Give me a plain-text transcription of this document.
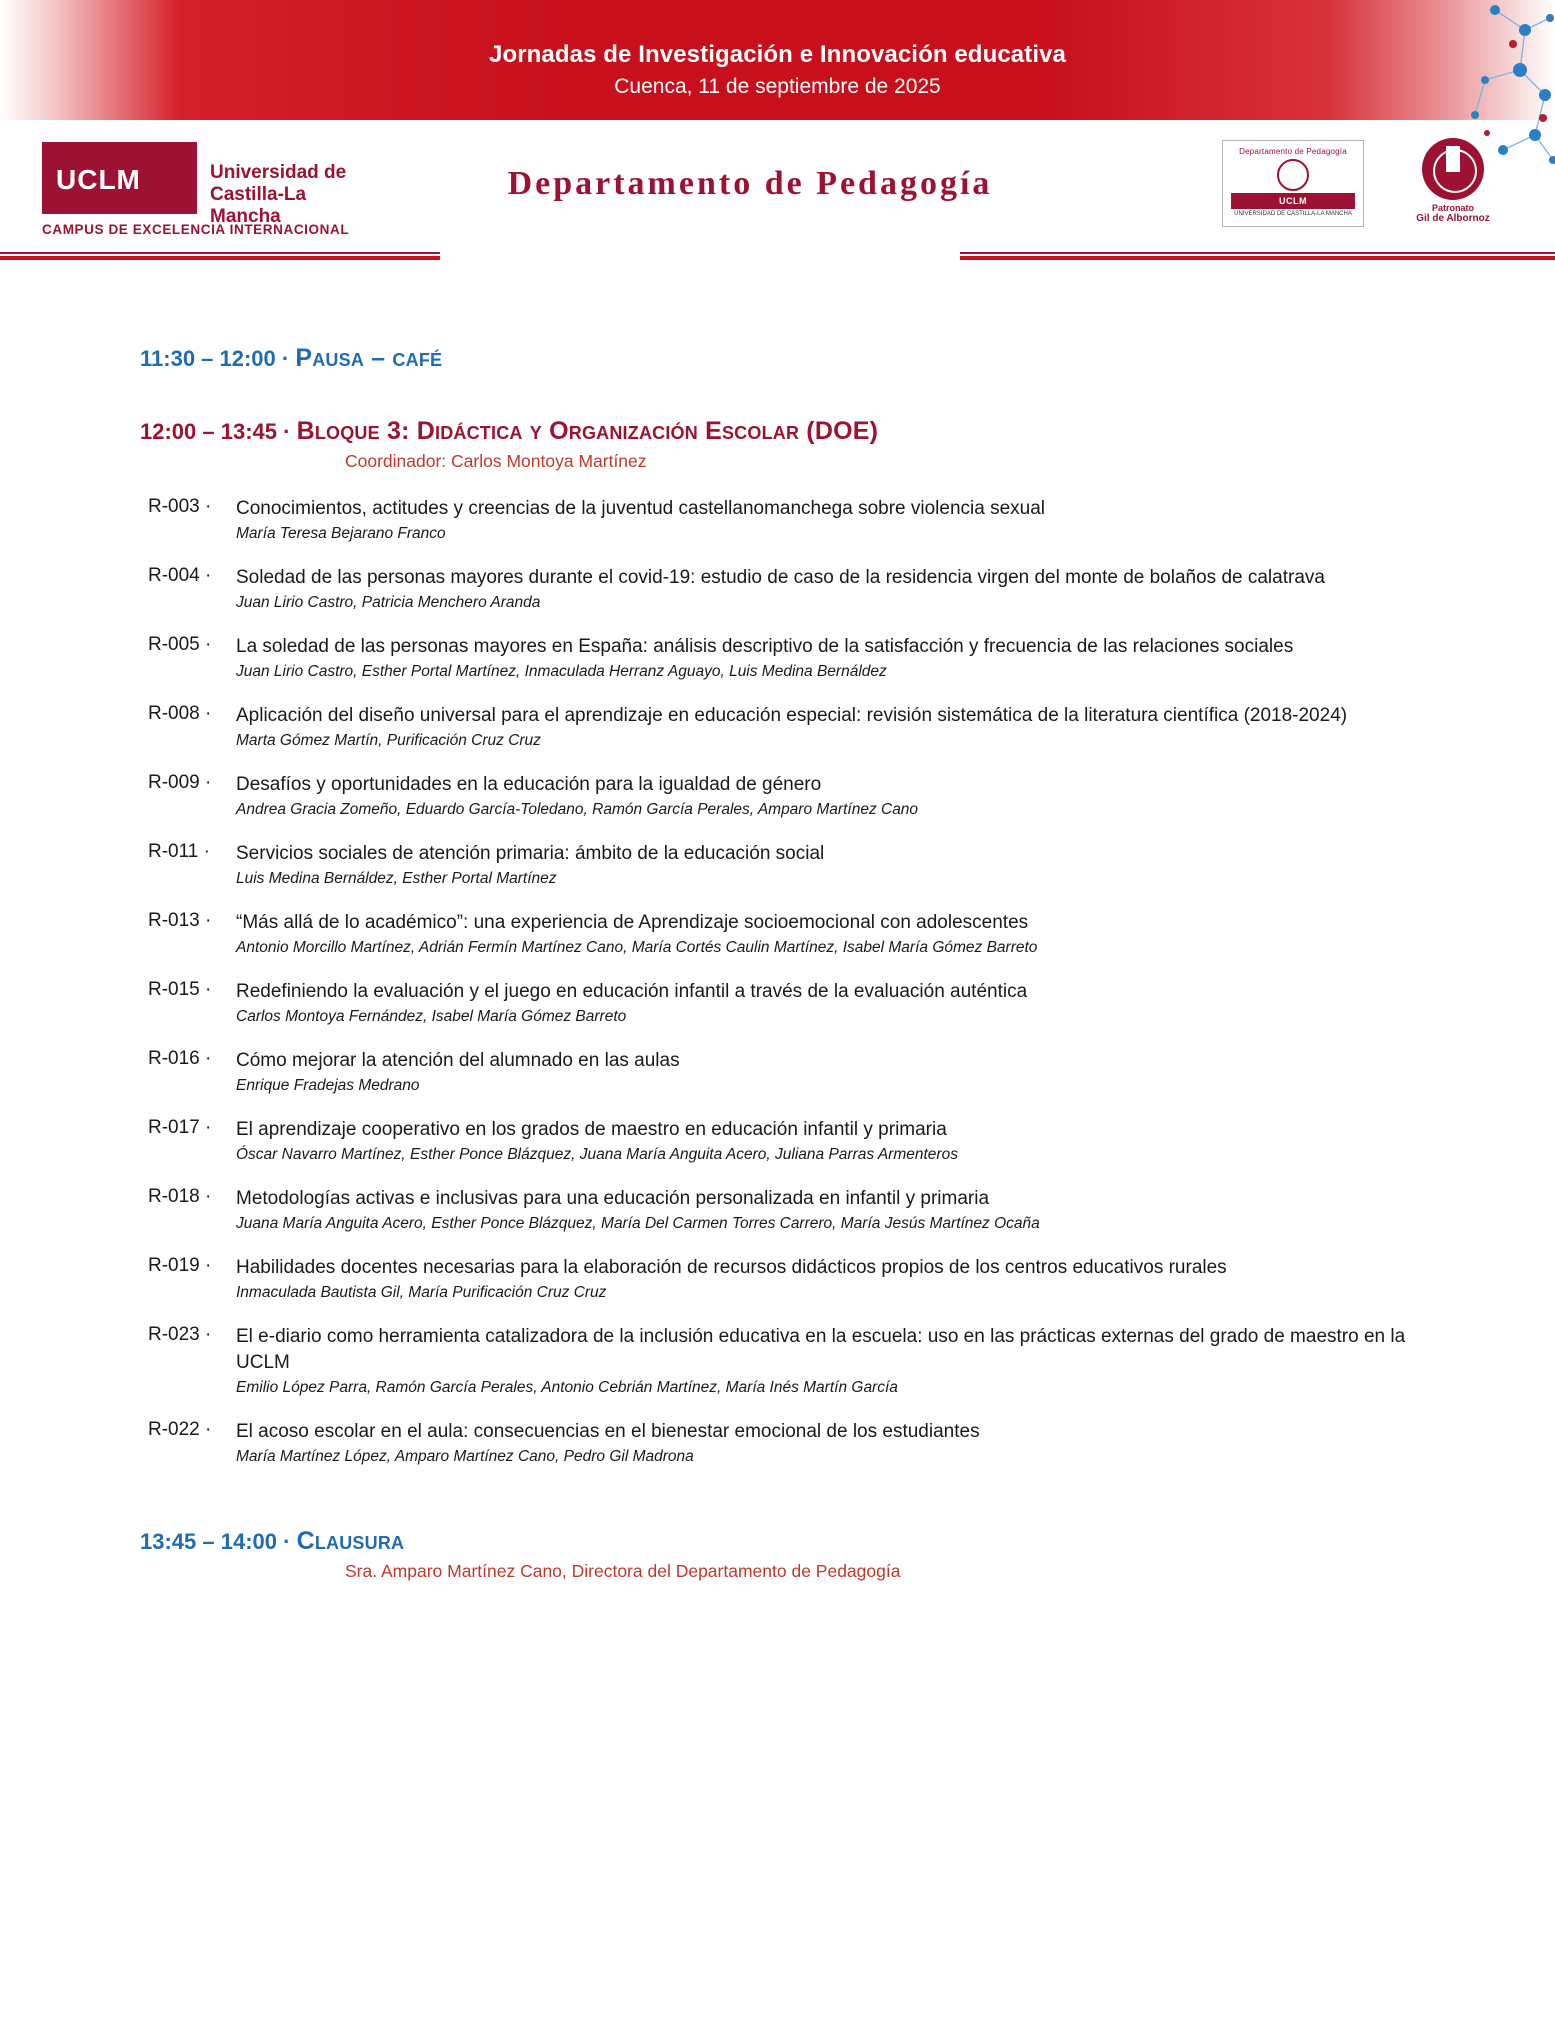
Jornadas de Investigación e Innovación educativa
Cuenca, 11 de septiembre de 2025
UCLM	Universidad de Castilla-La Mancha
CAMPUS DE EXCELENCIA INTERNACIONAL
Departamento de Pedagogía
Departamento de Pedagogía
UCLM
UNIVERSIDAD DE CASTILLA-LA MANCHA
Patronato
Gil de Albornoz
11:30 – 12:00 · Pausa – café
12:00 – 13:45 · Bloque 3: Didáctica y Organización Escolar (DOE)
Coordinador: Carlos Montoya Martínez
R-003 ·	Conocimientos, actitudes y creencias de la juventud castellanomanchega sobre violencia sexual
María Teresa Bejarano Franco
R-004 ·	Soledad de las personas mayores durante el covid-19: estudio de caso de la residencia virgen del monte de bolaños de calatrava
Juan Lirio Castro, Patricia Menchero Aranda
R-005 ·	La soledad de las personas mayores en España: análisis descriptivo de la satisfacción y frecuencia de las relaciones sociales
Juan Lirio Castro, Esther Portal Martínez, Inmaculada Herranz Aguayo, Luis Medina Bernáldez
R-008 ·	Aplicación del diseño universal para el aprendizaje en educación especial: revisión sistemática de la literatura científica (2018-2024)
Marta Gómez Martín, Purificación Cruz Cruz
R-009 ·	Desafíos y oportunidades en la educación para la igualdad de género
Andrea Gracia Zomeño, Eduardo García-Toledano, Ramón García Perales, Amparo Martínez Cano
R-011 ·	Servicios sociales de atención primaria: ámbito de la educación social
Luis Medina Bernáldez, Esther Portal Martínez
R-013 ·	“Más allá de lo académico”: una experiencia de Aprendizaje socioemocional con adolescentes
Antonio Morcillo Martínez, Adrián Fermín Martínez Cano, María Cortés Caulin Martínez, Isabel María Gómez Barreto
R-015 ·	Redefiniendo la evaluación y el juego en educación infantil a través de la evaluación auténtica
Carlos Montoya Fernández, Isabel María Gómez Barreto
R-016 ·	Cómo mejorar la atención del alumnado en las aulas
Enrique Fradejas Medrano
R-017 ·	El aprendizaje cooperativo en los grados de maestro en educación infantil y primaria
Óscar Navarro Martínez, Esther Ponce Blázquez, Juana María Anguita Acero, Juliana Parras Armenteros
R-018 ·	Metodologías activas e inclusivas para una educación personalizada en infantil y primaria
Juana María Anguita Acero, Esther Ponce Blázquez, María Del Carmen Torres Carrero, María Jesús Martínez Ocaña
R-019 ·	Habilidades docentes necesarias para la elaboración de recursos didácticos propios de los centros educativos rurales
Inmaculada Bautista Gil, María Purificación Cruz Cruz
R-023 ·	El e-diario como herramienta catalizadora de la inclusión educativa en la escuela: uso en las prácticas externas del grado de maestro en la UCLM
Emilio López Parra, Ramón García Perales, Antonio Cebrián Martínez, María Inés Martín García
R-022 ·	El acoso escolar en el aula: consecuencias en el bienestar emocional de los estudiantes
María Martínez López, Amparo Martínez Cano, Pedro Gil Madrona
13:45 – 14:00 · Clausura
Sra. Amparo Martínez Cano, Directora del Departamento de Pedagogía
